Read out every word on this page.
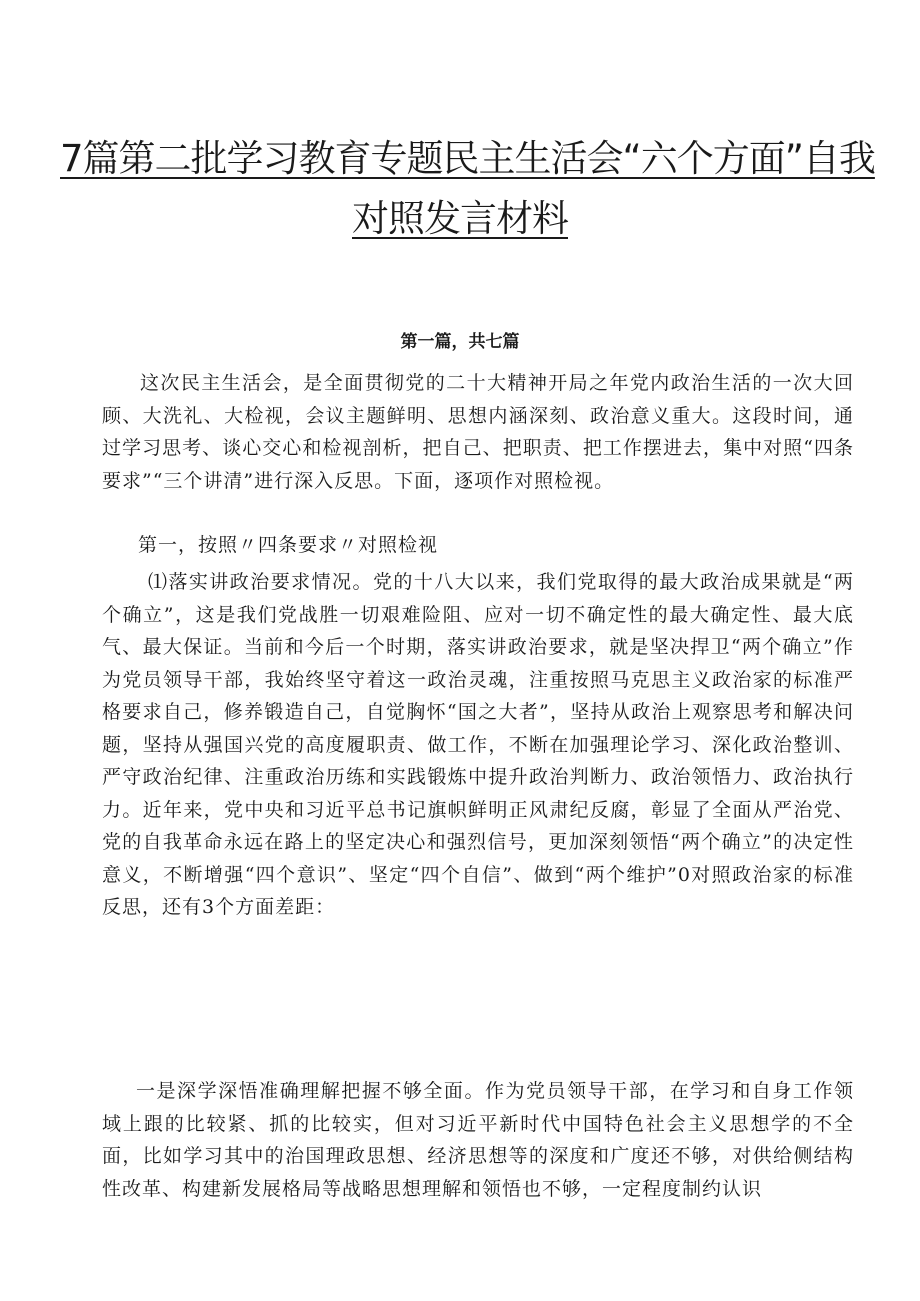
7篇第二批学习教育专题民主生活会“六个方面”自我
对照发言材料

第一篇，共七篇

这次民主生活会，是全面贯彻党的二十大精神开局之年党内政治生活的一次大回顾、大洗礼、大检视，会议主题鲜明、思想内涵深刻、政治意义重大。这段时间，通过学习思考、谈心交心和检视剖析，把自己、把职责、把工作摆进去，集中对照“四条要求”“三个讲清”进行深入反思。下面，逐项作对照检视。

第一，按照〃四条要求〃对照检视

⑴落实讲政治要求情况。党的十八大以来，我们党取得的最大政治成果就是“两个确立”，这是我们党战胜一切艰难险阻、应对一切不确定性的最大确定性、最大底气、最大保证。当前和今后一个时期，落实讲政治要求，就是坚决捍卫“两个确立”作为党员领导干部，我始终坚守着这一政治灵魂，注重按照马克思主义政治家的标准严格要求自己，修养锻造自己，自觉胸怀“国之大者”，坚持从政治上观察思考和解决问题，坚持从强国兴党的高度履职责、做工作，不断在加强理论学习、深化政治整训、严守政治纪律、注重政治历练和实践锻炼中提升政治判断力、政治领悟力、政治执行力。近年来，党中央和习近平总书记旗帜鲜明正风肃纪反腐，彰显了全面从严治党、党的自我革命永远在路上的坚定决心和强烈信号，更加深刻领悟“两个确立”的决定性意义，不断增强“四个意识”、坚定“四个自信”、做到“两个维护”0对照政治家的标准反思，还有3个方面差距：

一是深学深悟准确理解把握不够全面。作为党员领导干部，在学习和自身工作领域上跟的比较紧、抓的比较实，但对习近平新时代中国特色社会主义思想学的不全面，比如学习其中的治国理政思想、经济思想等的深度和广度还不够，对供给侧结构性改革、构建新发展格局等战略思想理解和领悟也不够，一定程度制约认识
